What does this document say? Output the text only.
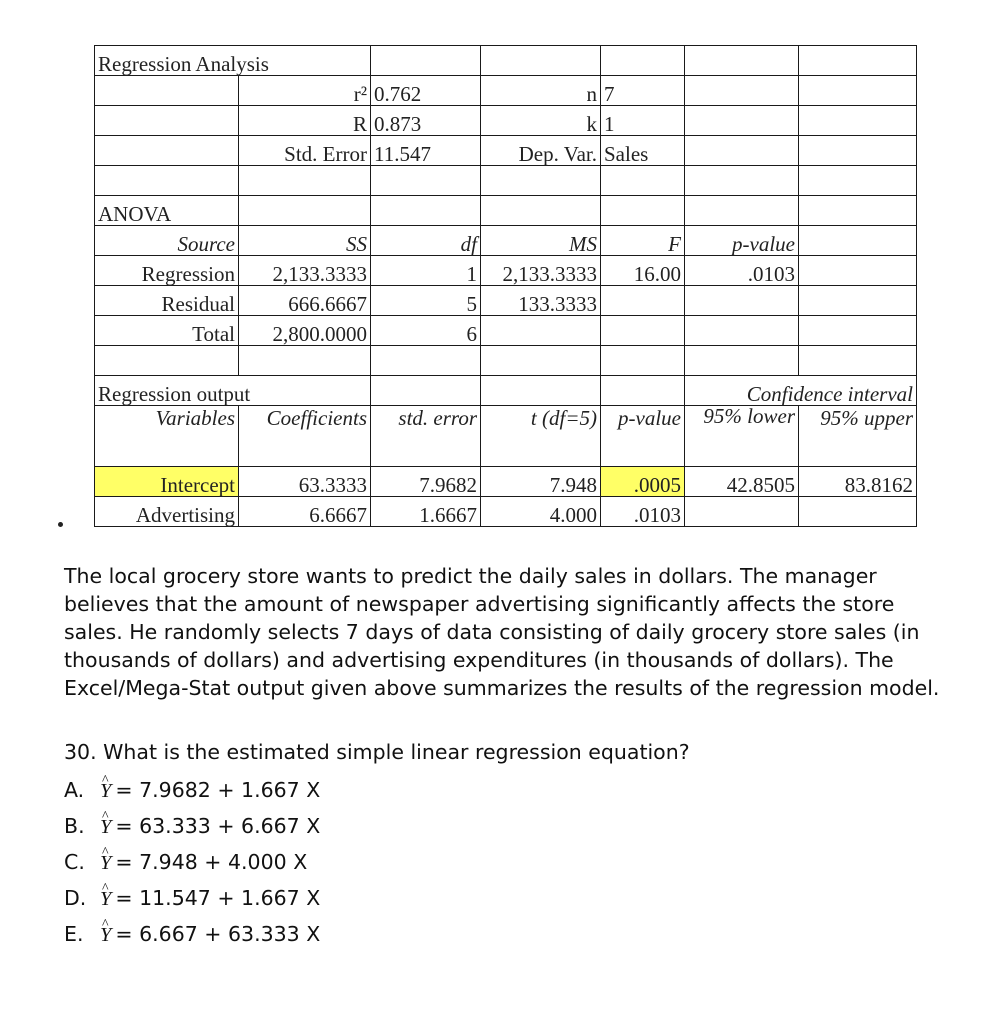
Regression Analysis						
	r²	0.762	n	7		
	R	0.873	k	1		
	Std. Error	11.547	Dep. Var.	Sales		

ANOVA						
Source	SS	df	MS	F	p-value	
Regression	2,133.3333	1	2,133.3333	16.00	.0103	
Residual	666.6667	5	133.3333			
Total	2,800.0000	6				

Regression output					Confidence interval	
Variables	Coefficients	std. error	t (df=5)	p-value	95% lower	95% upper
Intercept	63.3333	7.9682	7.948	.0005	42.8505	83.8162
Advertising	6.6667	1.6667	4.000	.0103		

The local grocery store wants to predict the daily sales in dollars. The manager believes that the amount of newspaper advertising significantly affects the store sales. He randomly selects 7 days of data consisting of daily grocery store sales (in thousands of dollars) and advertising expenditures (in thousands of dollars). The Excel/Mega-Stat output given above summarizes the results of the regression model.

30. What is the estimated simple linear regression equation?

A. ^ Y = 7.9682 + 1.667 X
B. ^ Y = 63.333 + 6.667 X
C. ^ Y = 7.948 + 4.000 X
D. ^ Y = 11.547 + 1.667 X
E. ^ Y = 6.667 + 63.333 X
